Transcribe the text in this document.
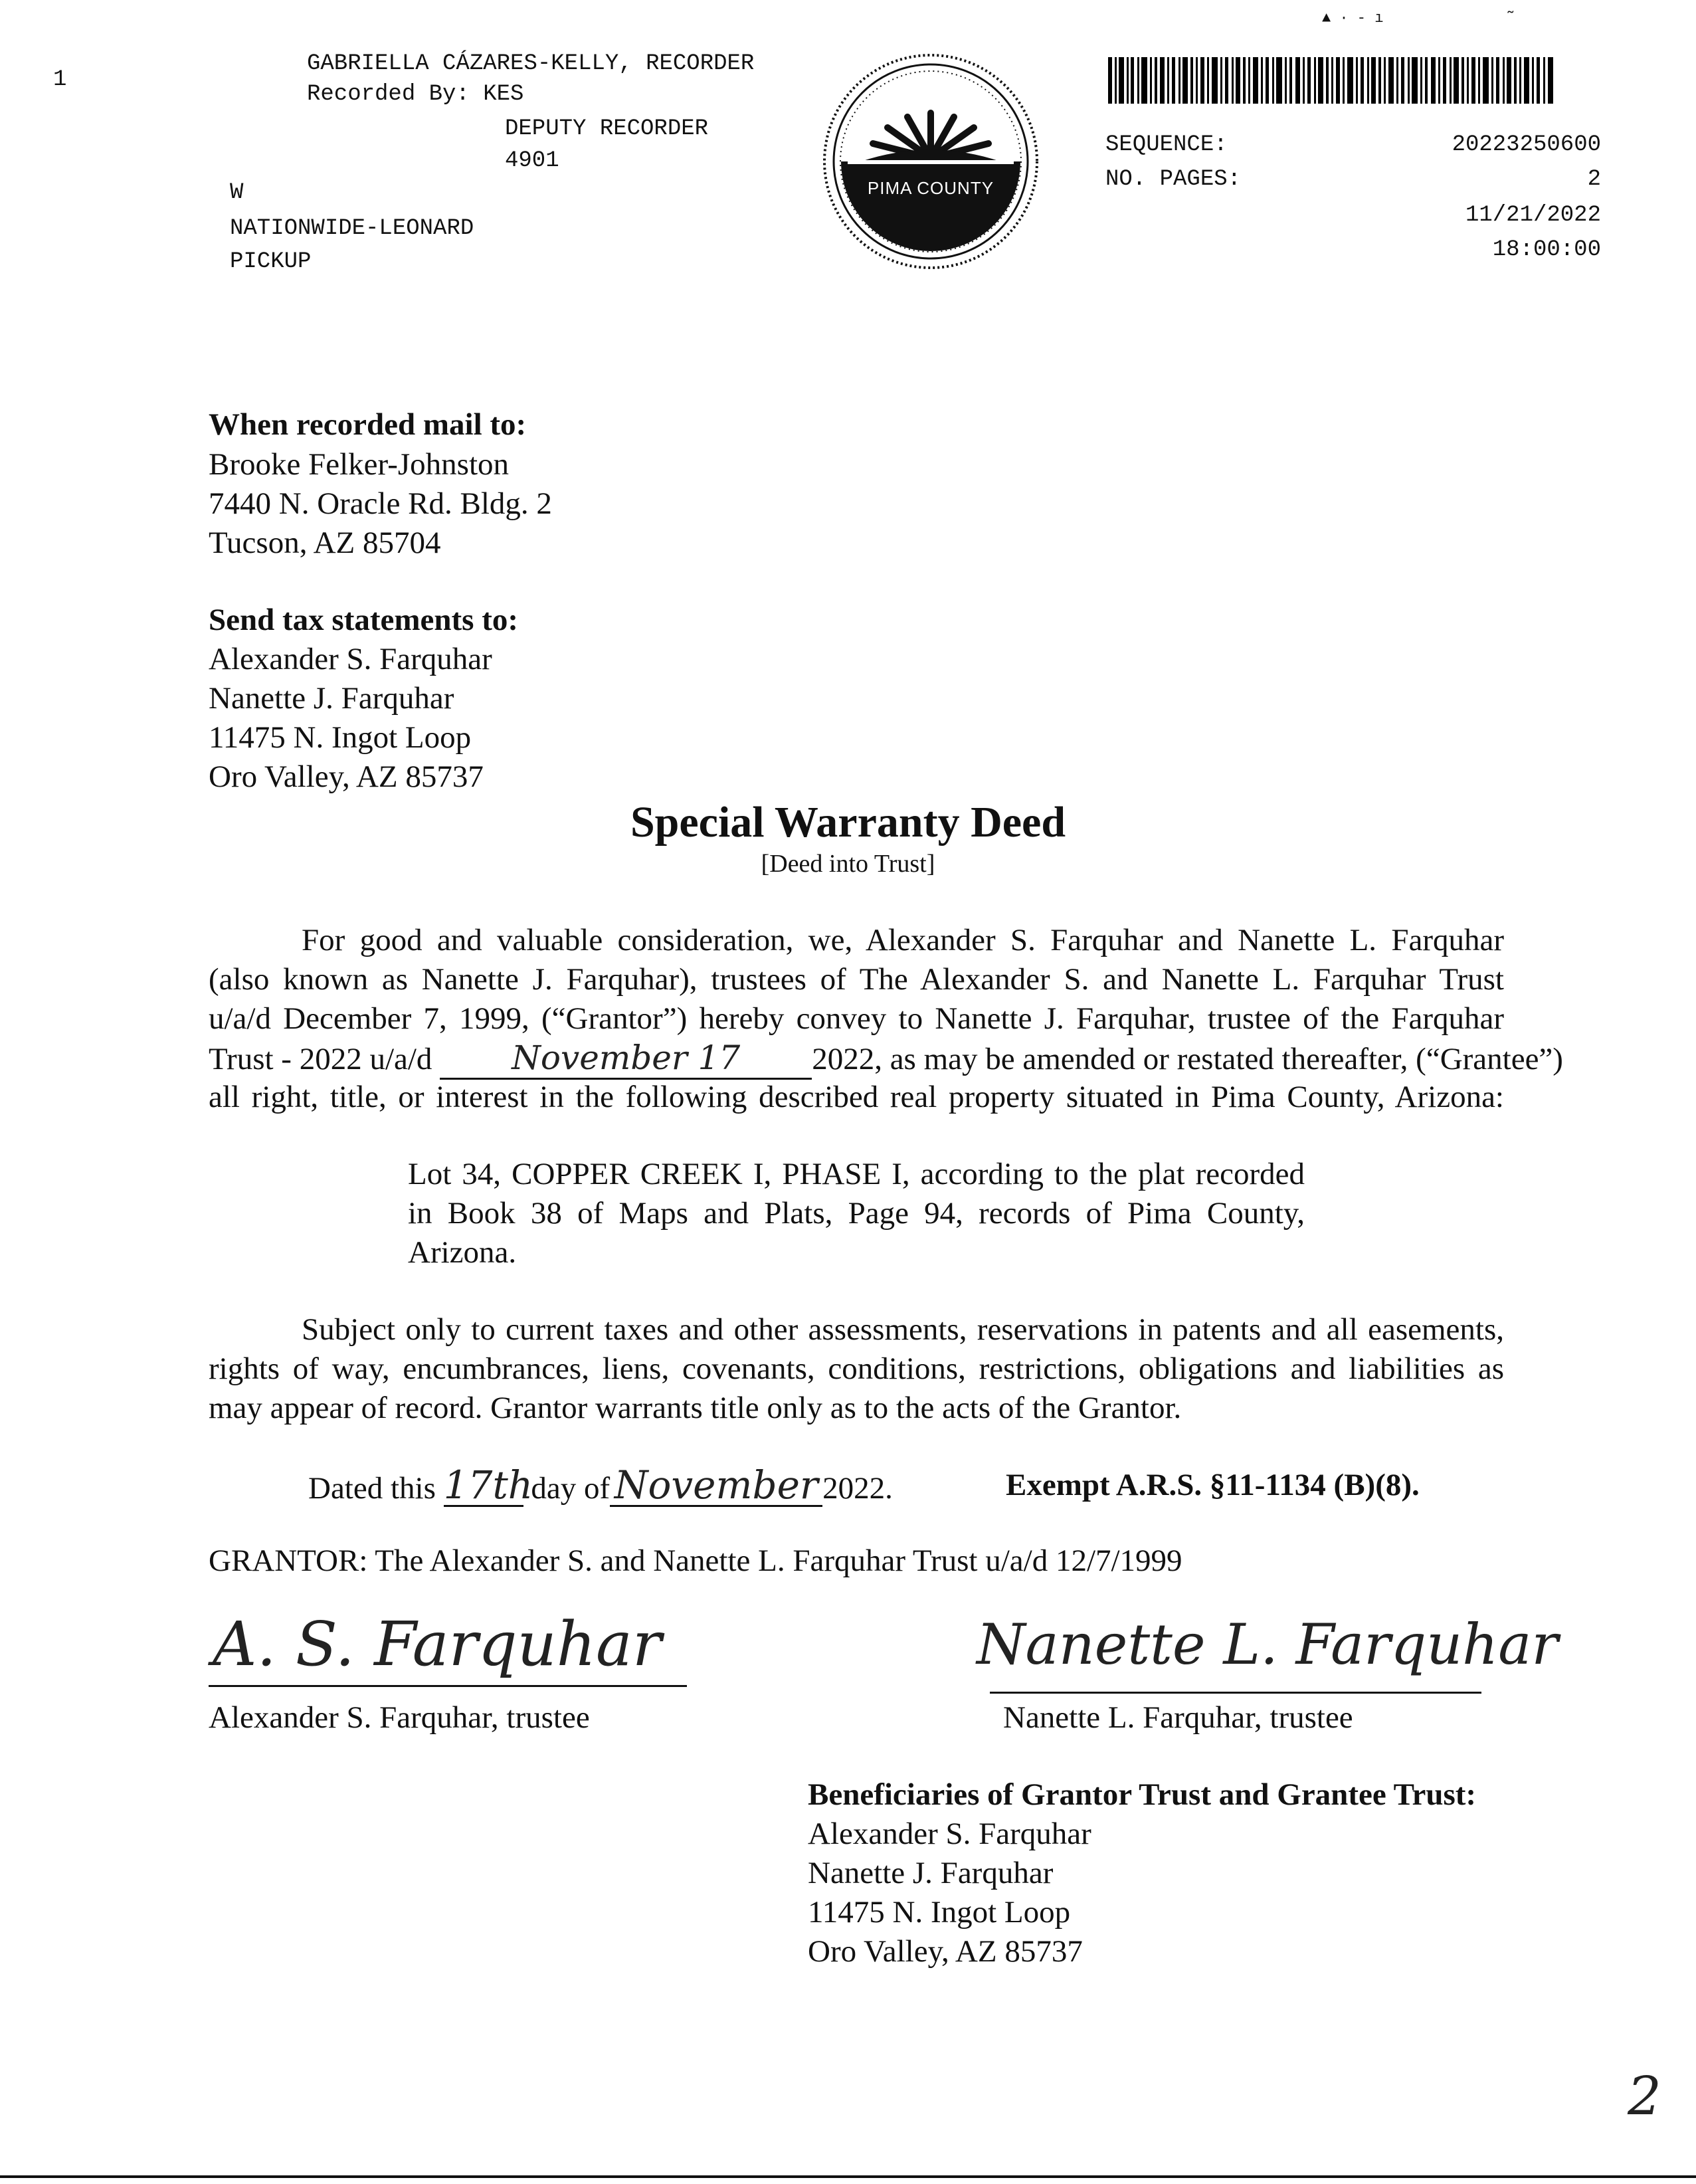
1
▲ · - ı	˜
GABRIELLA CÁZARES-KELLY, RECORDER
Recorded By: KES
DEPUTY RECORDER
4901
W
NATIONWIDE-LEONARD
PICKUP
PIMA COUNTY
SEQUENCE:	20223250600
NO. PAGES:	2
11/21/2022
18:00:00
When recorded mail to:
Brooke Felker-Johnston
7440 N. Oracle Rd. Bldg. 2
Tucson, AZ 85704
Send tax statements to:
Alexander S. Farquhar
Nanette J. Farquhar
11475 N. Ingot Loop
Oro Valley, AZ 85737
Special Warranty Deed
[Deed into Trust]
For good and valuable consideration, we, Alexander S. Farquhar and Nanette L. Farquhar
(also known as Nanette J. Farquhar), trustees of The Alexander S. and Nanette L. Farquhar Trust
u/a/d December 7, 1999, (“Grantor”) hereby convey to Nanette J. Farquhar, trustee of the Farquhar
Trust - 2022 u/a/d November 17 2022, as may be amended or restated thereafter, (“Grantee”)
all right, title, or interest in the following described real property situated in Pima County, Arizona:
Lot 34, COPPER CREEK I, PHASE I, according to the plat recorded
in Book 38 of Maps and Plats, Page 94, records of Pima County,
Arizona.
Subject only to current taxes and other assessments, reservations in patents and all easements,
rights of way, encumbrances, liens, covenants, conditions, restrictions, obligations and liabilities as
may appear of record. Grantor warrants title only as to the acts of the Grantor.
Dated this 17th day of November 2022.	Exempt A.R.S. §11-1134 (B)(8).
GRANTOR: The Alexander S. and Nanette L. Farquhar Trust u/a/d 12/7/1999
A. S. Farquhar
Alexander S. Farquhar, trustee
Nanette L. Farquhar
Nanette L. Farquhar, trustee
Beneficiaries of Grantor Trust and Grantee Trust:
Alexander S. Farquhar
Nanette J. Farquhar
11475 N. Ingot Loop
Oro Valley, AZ 85737
2
